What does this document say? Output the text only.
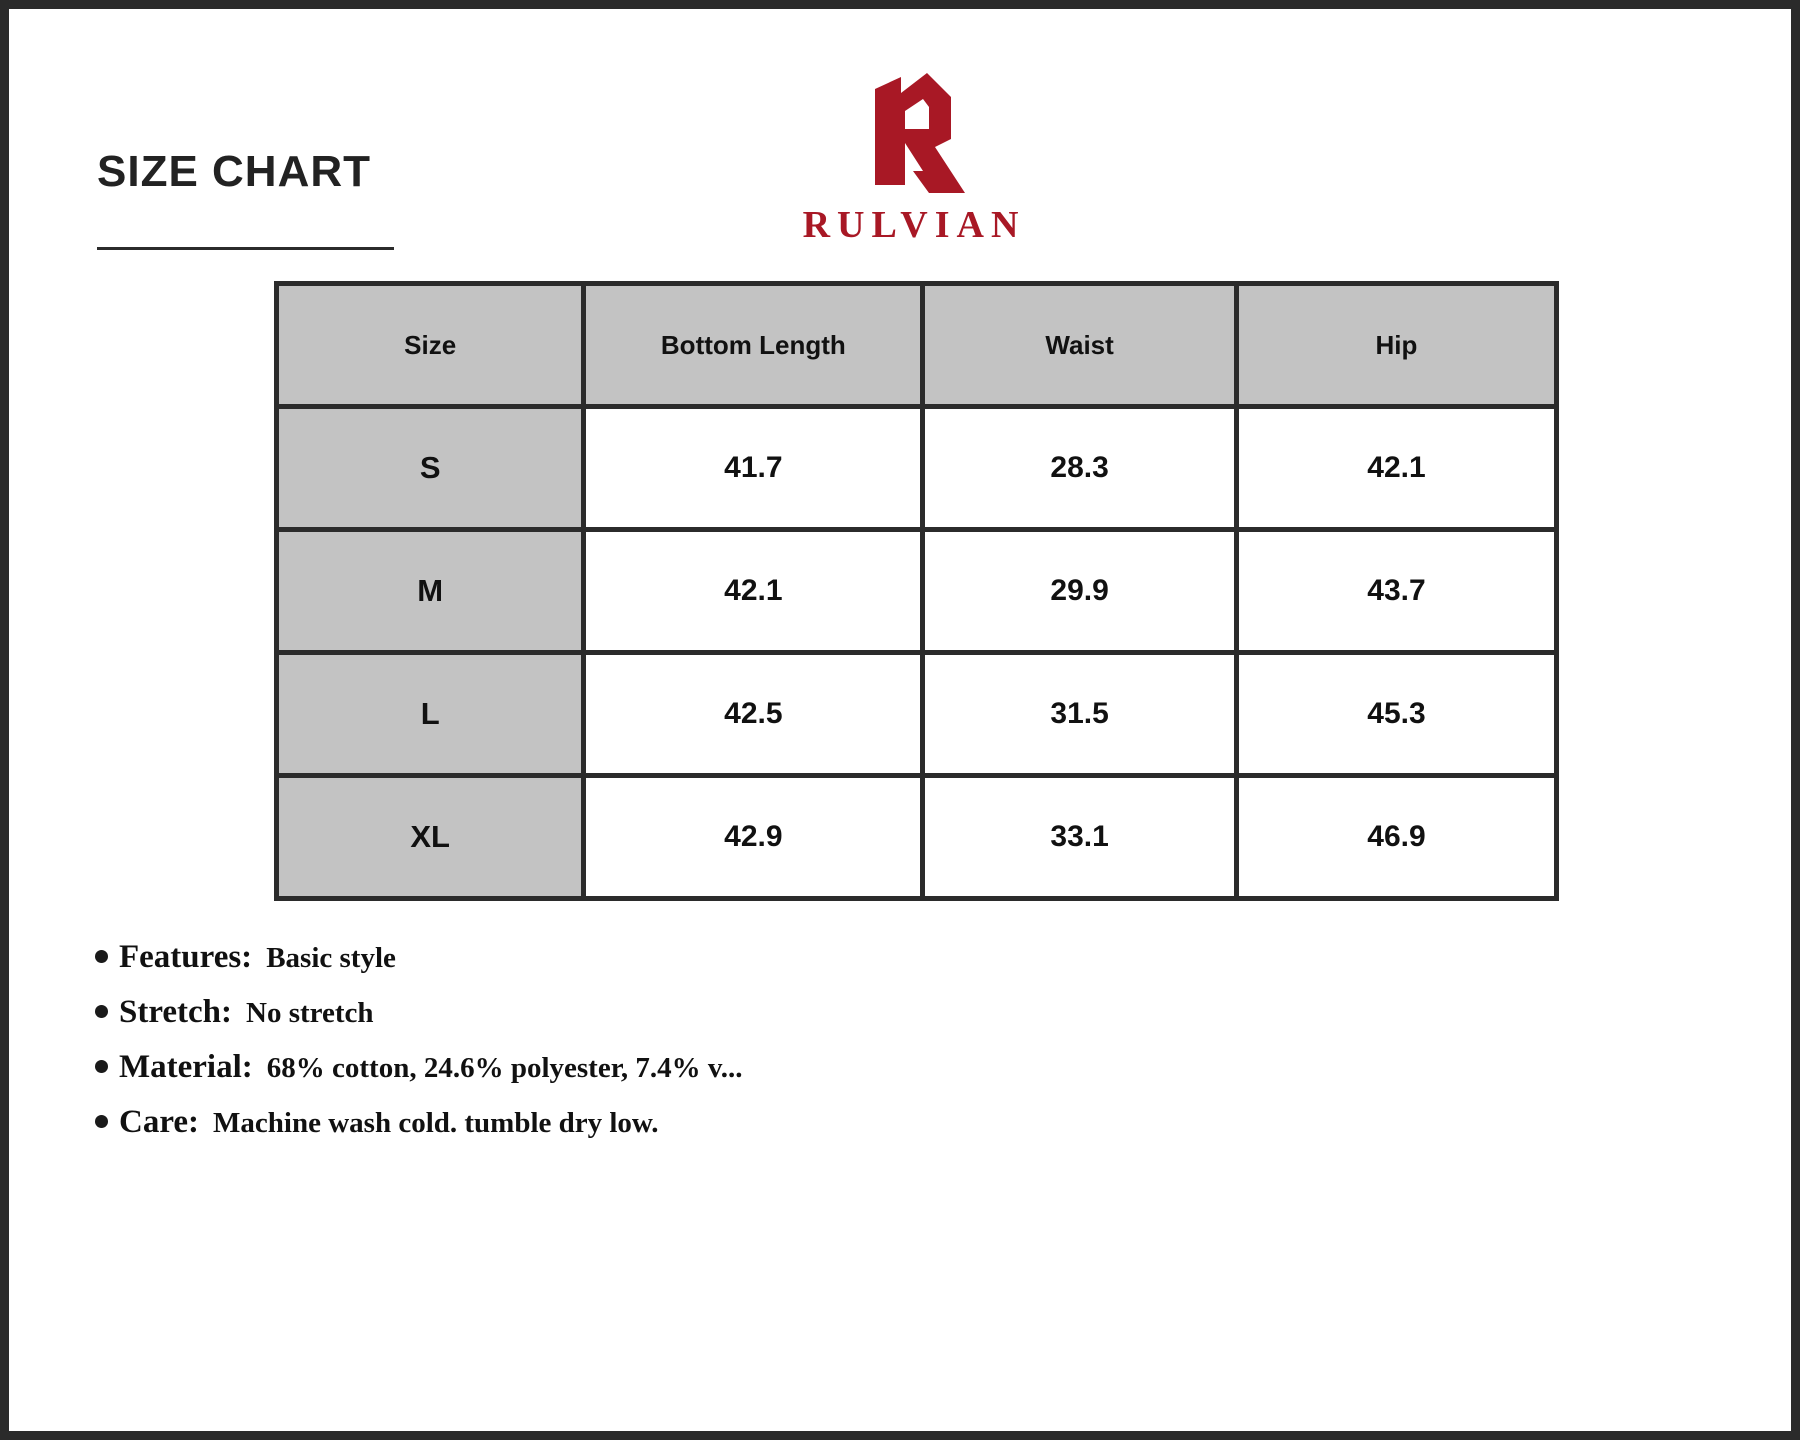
SIZE CHART
RULVIAN
Size	Bottom Length	Waist	Hip
S	41.7	28.3	42.1
M	42.1	29.9	43.7
L	42.5	31.5	45.3
XL	42.9	33.1	46.9
Features: Basic style
Stretch: No stretch
Material: 68% cotton, 24.6% polyester, 7.4% v...
Care: Machine wash cold. tumble dry low.
